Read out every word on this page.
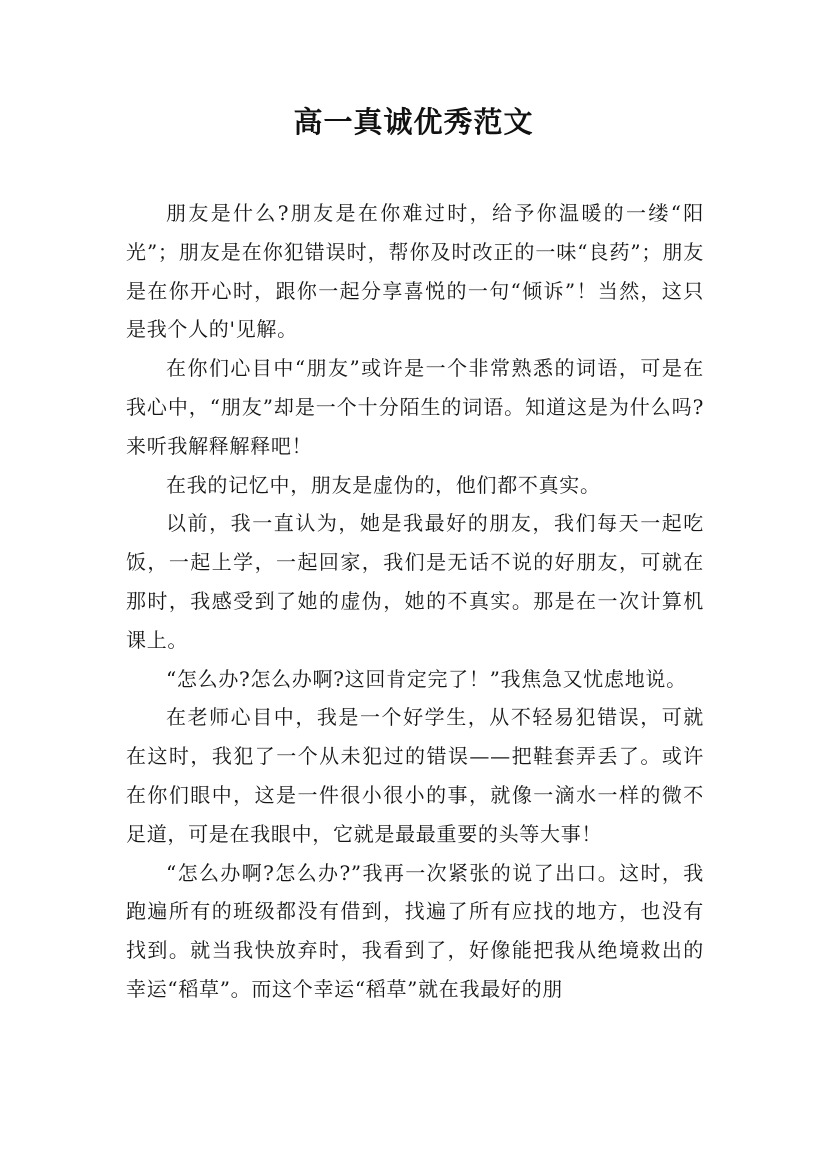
高一真诚优秀范文

朋友是什么?朋友是在你难过时，给予你温暖的一缕“阳光”；朋友是在你犯错误时，帮你及时改正的一味“良药”；朋友是在你开心时，跟你一起分享喜悦的一句“倾诉”！当然，这只是我个人的'见解。

在你们心目中“朋友”或许是一个非常熟悉的词语，可是在我心中，“朋友”却是一个十分陌生的词语。知道这是为什么吗?来听我解释解释吧！

在我的记忆中，朋友是虚伪的，他们都不真实。

以前，我一直认为，她是我最好的朋友，我们每天一起吃饭，一起上学，一起回家，我们是无话不说的好朋友，可就在那时，我感受到了她的虚伪，她的不真实。那是在一次计算机课上。

“怎么办?怎么办啊?这回肯定完了！”我焦急又忧虑地说。

在老师心目中，我是一个好学生，从不轻易犯错误，可就在这时，我犯了一个从未犯过的错误——把鞋套弄丢了。或许在你们眼中，这是一件很小很小的事，就像一滴水一样的微不足道，可是在我眼中，它就是最最重要的头等大事！

“怎么办啊?怎么办?”我再一次紧张的说了出口。这时，我跑遍所有的班级都没有借到，找遍了所有应找的地方，也没有找到。就当我快放弃时，我看到了，好像能把我从绝境救出的幸运“稻草”。而这个幸运“稻草”就在我最好的朋
